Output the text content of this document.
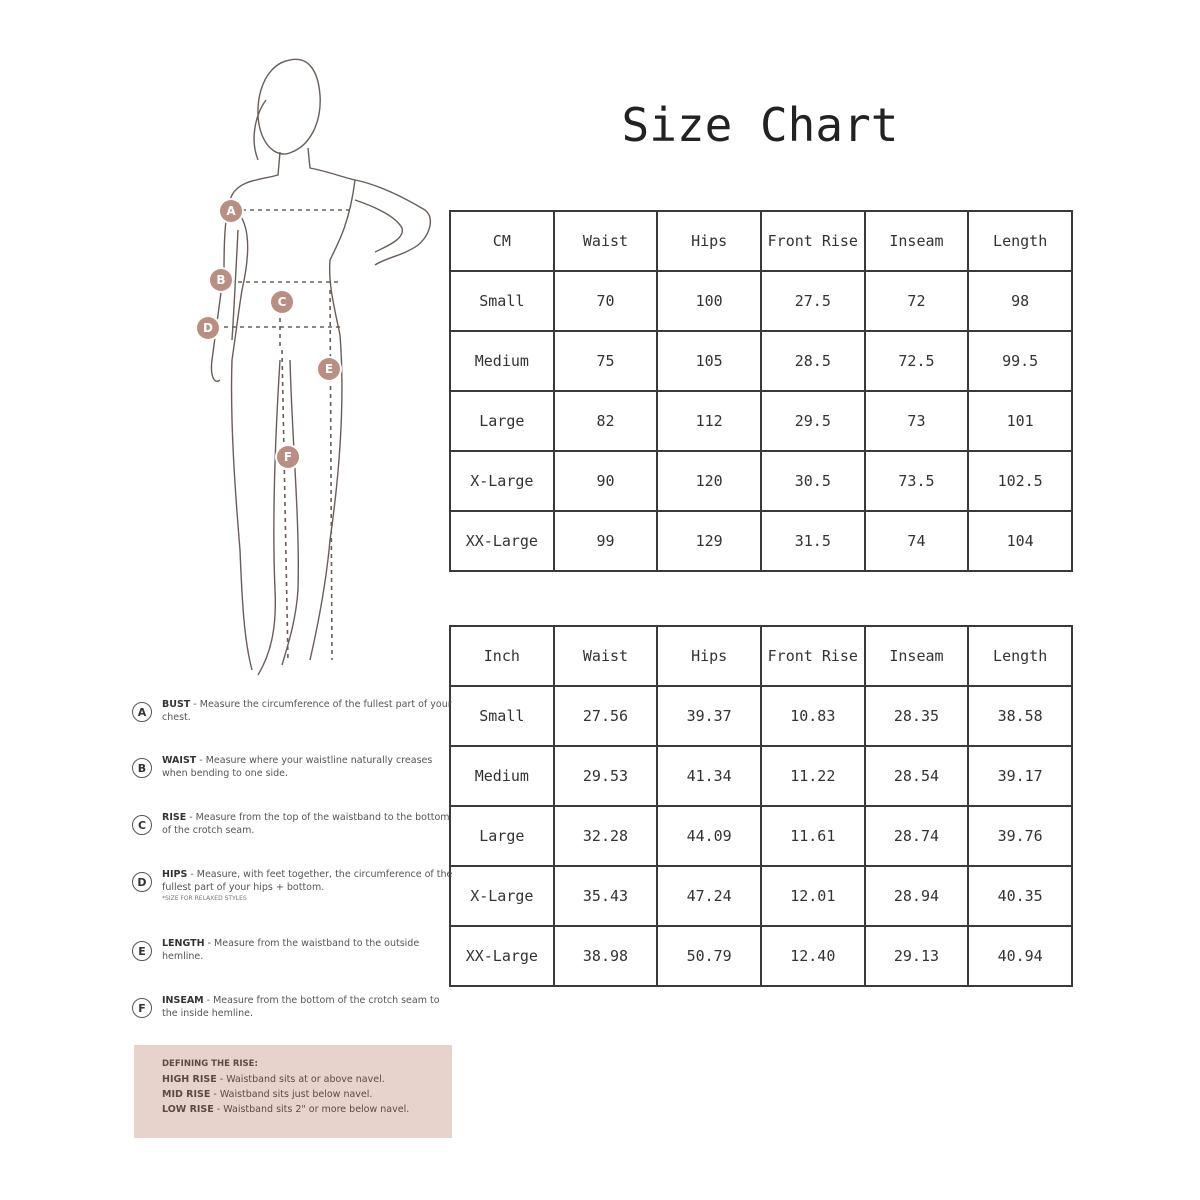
Size Chart
A
B
C
D
E
F
CM	Waist	Hips	Front Rise	Inseam	Length
Small	70	100	27.5	72	98
Medium	75	105	28.5	72.5	99.5
Large	82	112	29.5	73	101
X-Large	90	120	30.5	73.5	102.5
XX-Large	99	129	31.5	74	104
Inch	Waist	Hips	Front Rise	Inseam	Length
Small	27.56	39.37	10.83	28.35	38.58
Medium	29.53	41.34	11.22	28.54	39.17
Large	32.28	44.09	11.61	28.74	39.76
X-Large	35.43	47.24	12.01	28.94	40.35
XX-Large	38.98	50.79	12.40	29.13	40.94
A
BUST - Measure the circumference of the fullest part of your chest.
B
WAIST - Measure where your waistline naturally creases when bending to one side.
C
RISE - Measure from the top of the waistband to the bottom of the crotch seam.
D
HIPS - Measure, with feet together, the circumference of the fullest part of your hips + bottom.
*SIZE FOR RELAXED STYLES
E
LENGTH - Measure from the waistband to the outside hemline.
F
INSEAM - Measure from the bottom of the crotch seam to the inside hemline.
DEFINING THE RISE:
HIGH RISE - Waistband sits at or above navel.
MID RISE - Waistband sits just below navel.
LOW RISE - Waistband sits 2" or more below navel.
